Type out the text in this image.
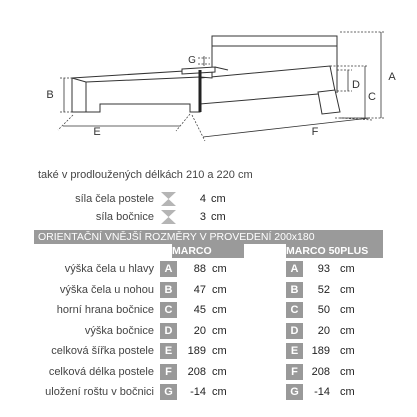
B
G
A
D
C
E	F
také v prodloužených délkách 210 a 220 cm
síla čela postele	4 cm
síla bočnice	3 cm
ORIENTAČNÍ VNĚJŠÍ ROZMĚRY V PROVEDENÍ 200x180
MARCO	MARCO 50PLUS
výška čela u hlavy A	88 cm	A	93 cm
výška čela u nohou B	47 cm	B	52 cm
horní hrana bočnice C	45 cm	C	50 cm
výška bočnice D	20 cm	D	20 cm
celková šířka postele E	189 cm	E	189 cm
celková délka postele	F	208 cm	F	208 cm
uložení roštu v bočnici G	-14 cm	G	-14 cm
